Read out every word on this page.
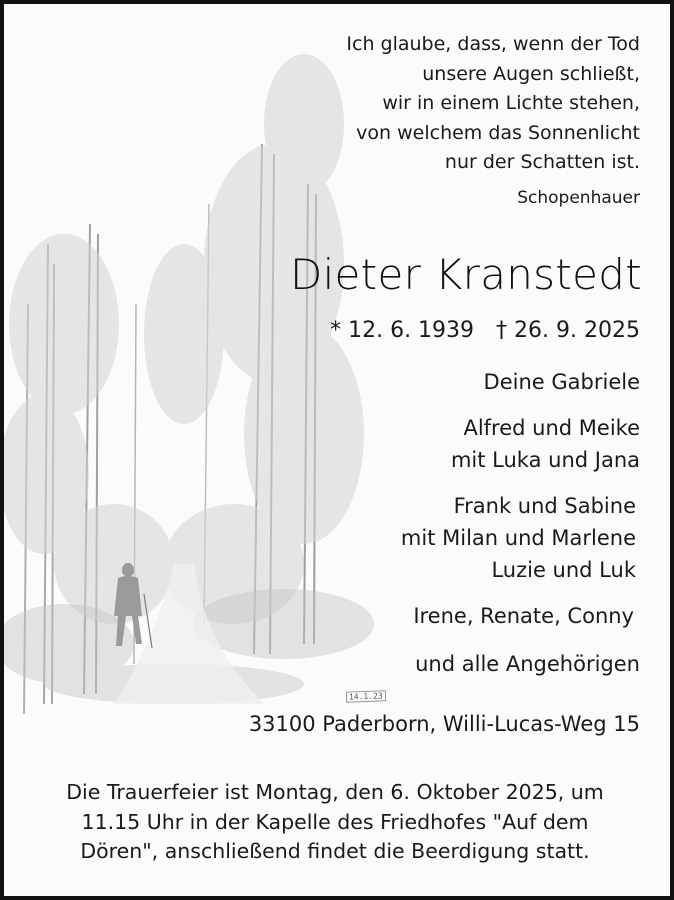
14.1.23
Ich glaube, dass, wenn der Tod
unsere Augen schließt,
wir in einem Lichte stehen,
von welchem das Sonnenlicht
nur der Schatten ist.
Schopenhauer
Dieter Kranstedt
* 12. 6. 1939 † 26. 9. 2025
Deine Gabriele
Alfred und Meike
mit Luka und Jana
Frank und Sabine
mit Milan und Marlene
Luzie und Luk
Irene, Renate, Conny
und alle Angehörigen
33100 Paderborn, Willi-Lucas-Weg 15
Die Trauerfeier ist Montag, den 6. Oktober 2025, um
11.15 Uhr in der Kapelle des Friedhofes "Auf dem
Dören", anschließend findet die Beerdigung statt.
